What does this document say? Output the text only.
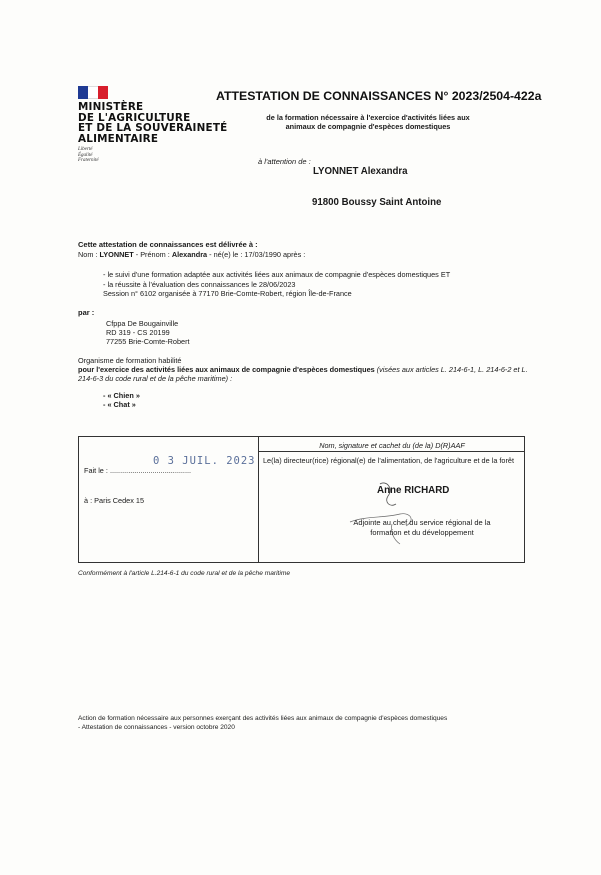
MINISTÈRE
DE L'AGRICULTURE
ET DE LA SOUVERAINETÉ
ALIMENTAIRE
Liberté
Égalité
Fraternité
ATTESTATION DE CONNAISSANCES N° 2023/2504-422a
de la formation nécessaire à l'exercice d'activités liées aux
animaux de compagnie d'espèces domestiques
à l'attention de :
LYONNET Alexandra
91800 Boussy Saint Antoine
Cette attestation de connaissances est délivrée à :
Nom : LYONNET - Prénom : Alexandra - né(e) le : 17/03/1990 après :
- le suivi d'une formation adaptée aux activités liées aux animaux de compagnie d'espèces domestiques ET
- la réussite à l'évaluation des connaissances le 28/06/2023
Session n° 6102 organisée à 77170 Brie-Comte-Robert, région Île-de-France
par :
Cfppa De Bougainville
RD 319 - CS 20199
77255 Brie-Comte-Robert
Organisme de formation habilité
pour l'exercice des activités liées aux animaux de compagnie d'espèces domestiques (visées aux articles L. 214-6-1, L. 214-6-2 et L. 214-6-3 du code rural et de la pêche maritime) :
- « Chien »
- « Chat »
Nom, signature et cachet du (de la) D(R)AAF
0 3 JUIL. 2023
Fait le : ........................................
à : Paris Cedex 15
Le(la) directeur(rice) régional(e) de l'alimentation, de l'agriculture et de la forêt
Anne RICHARD
Adjointe au chef du service régional de la
formation et du développement
Conformément à l'article L.214-6-1 du code rural et de la pêche maritime
Action de formation nécessaire aux personnes exerçant des activités liées aux animaux de compagnie d'espèces domestiques
- Attestation de connaissances - version octobre 2020
